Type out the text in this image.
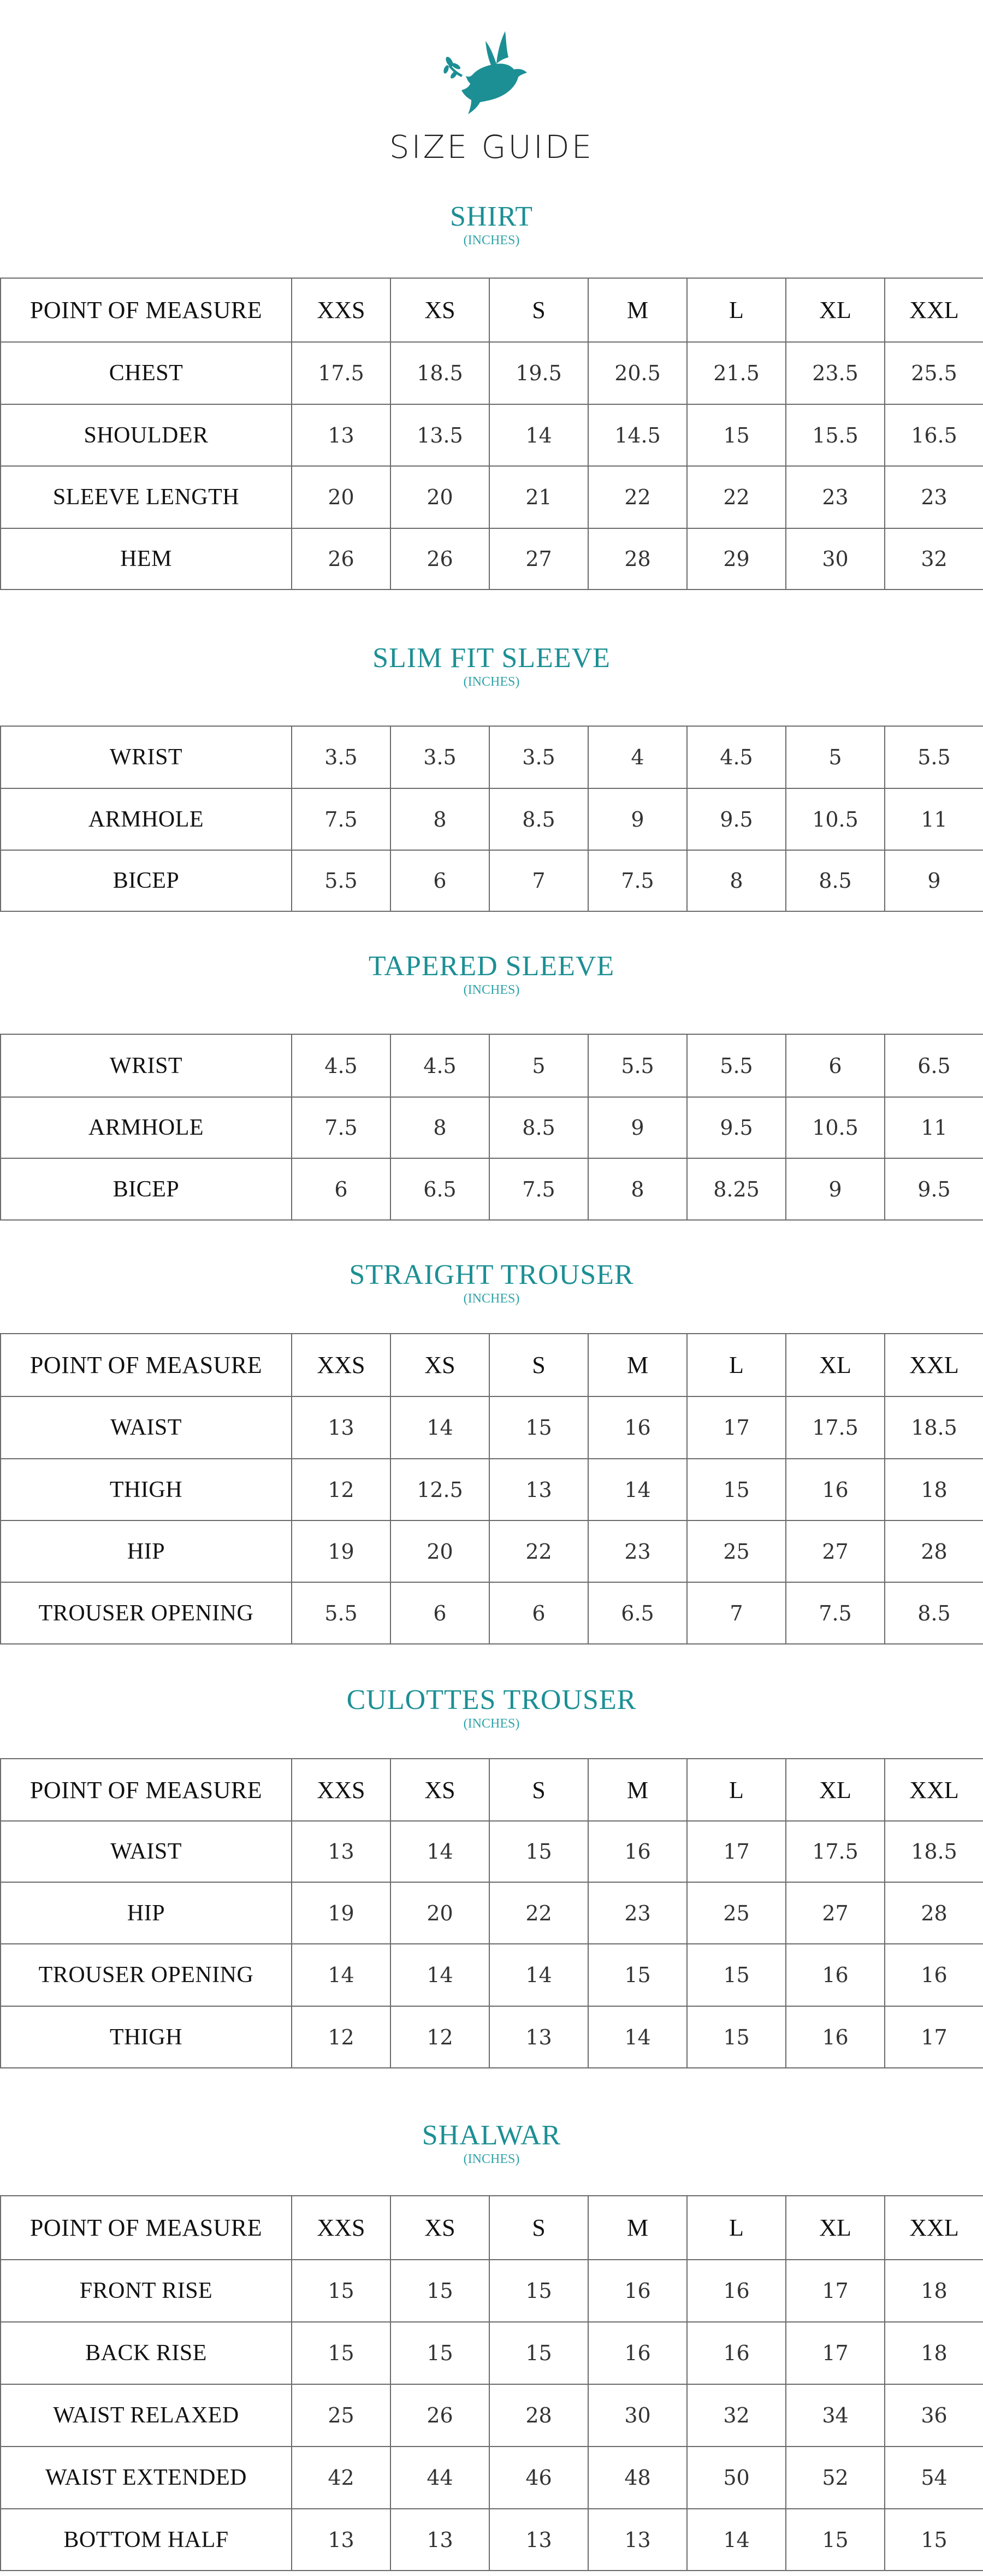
SIZE GUIDE
SHIRT
(INCHES)
POINT OF MEASURE	XXS	XS	S	M	L	XL	XXL
CHEST	17.5	18.5	19.5	20.5	21.5	23.5	25.5
SHOULDER	13	13.5	14	14.5	15	15.5	16.5
SLEEVE LENGTH	20	20	21	22	22	23	23
HEM	26	26	27	28	29	30	32
SLIM FIT SLEEVE
(INCHES)
WRIST	3.5	3.5	3.5	4	4.5	5	5.5
ARMHOLE	7.5	8	8.5	9	9.5	10.5	11
BICEP	5.5	6	7	7.5	8	8.5	9
TAPERED SLEEVE
(INCHES)
WRIST	4.5	4.5	5	5.5	5.5	6	6.5
ARMHOLE	7.5	8	8.5	9	9.5	10.5	11
BICEP	6	6.5	7.5	8	8.25	9	9.5
STRAIGHT TROUSER
(INCHES)
POINT OF MEASURE	XXS	XS	S	M	L	XL	XXL
WAIST	13	14	15	16	17	17.5	18.5
THIGH	12	12.5	13	14	15	16	18
HIP	19	20	22	23	25	27	28
TROUSER OPENING	5.5	6	6	6.5	7	7.5	8.5
CULOTTES TROUSER
(INCHES)
POINT OF MEASURE	XXS	XS	S	M	L	XL	XXL
WAIST	13	14	15	16	17	17.5	18.5
HIP	19	20	22	23	25	27	28
TROUSER OPENING	14	14	14	15	15	16	16
THIGH	12	12	13	14	15	16	17
SHALWAR
(INCHES)
POINT OF MEASURE	XXS	XS	S	M	L	XL	XXL
FRONT RISE	15	15	15	16	16	17	18
BACK RISE	15	15	15	16	16	17	18
WAIST RELAXED	25	26	28	30	32	34	36
WAIST EXTENDED	42	44	46	48	50	52	54
BOTTOM HALF	13	13	13	13	14	15	15
